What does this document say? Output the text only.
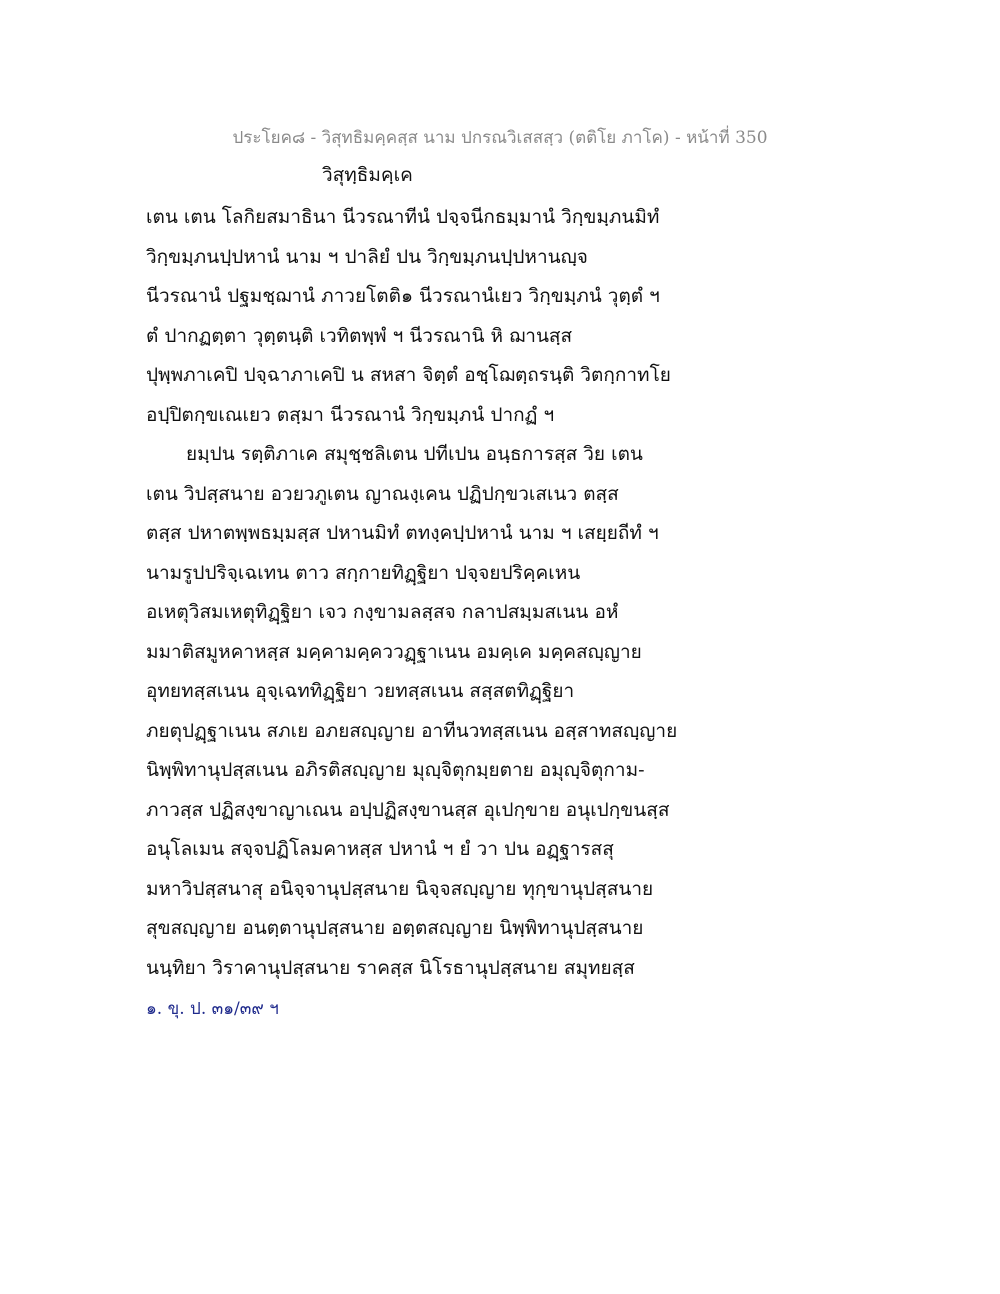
ประโยค๘ - วิสุทธิมคฺคสฺส นาม ปกรณวิเสสสฺว (ตติโย ภาโค) - หน้าที่ 350
วิสุทฺธิมคฺเค
เตน เตน โลกิยสมาธินา นีวรณาทีนํ ปจฺจนีกธมฺมานํ วิกฺขมฺภนมิทํ
วิกฺขมฺภนปฺปหานํ นาม ฯ ปาลิยํ ปน วิกฺขมฺภนปฺปหานญฺจ
นีวรณานํ ปฐมชฺฌานํ ภาวยโตติ๑ นีวรณานํเยว วิกฺขมฺภนํ วุตฺตํ ฯ
ตํ ปากฏตฺตา วุตฺตนฺติ เวทิตพฺพํ ฯ นีวรณานิ หิ ฌานสฺส
ปุพฺพภาเคปิ ปจฺฉาภาเคปิ น สหสา จิตฺตํ อชฺโฌตฺถรนฺติ วิตกฺกาทโย
อปฺปิตกฺขเณเยว ตสฺมา นีวรณานํ วิกฺขมฺภนํ ปากฏํ ฯ
ยมฺปน รตฺติภาเค สมุชฺชลิเตน ปทีเปน อนฺธการสฺส วิย เตน
เตน วิปสฺสนาย อวยวภูเตน ญาณงฺเคน ปฏิปกฺขวเสเนว ตสฺส
ตสฺส ปหาตพฺพธมฺมสฺส ปหานมิทํ ตทงฺคปฺปหานํ นาม ฯ เสยฺยถีทํ ฯ
นามรูปปริจฺเฉเทน ตาว สกฺกายทิฏฺฐิยา ปจฺจยปริคฺคเหน
อเหตุวิสมเหตุทิฏฺฐิยา เจว กงฺขามลสฺสจ กลาปสมฺมสเนน อหํ
มมาติสมูหคาหสฺส มคฺคามคฺคววฏฺฐาเนน อมคฺเค มคฺคสญฺญาย
อุทยทสฺสเนน อุจฺเฉททิฏฺฐิยา วยทสฺสเนน สสฺสตทิฏฺฐิยา
ภยตุปฏฺฐาเนน สภเย อภยสญฺญาย อาทีนวทสฺสเนน อสฺสาทสญฺญาย
นิพฺพิทานุปสฺสเนน อภิรติสญฺญาย มุญฺจิตุกมฺยตาย อมุญฺจิตุกาม-
ภาวสฺส ปฏิสงฺขาญาเณน อปฺปฏิสงฺขานสฺส อุเปกฺขาย อนุเปกฺขนสฺส
อนุโลเมน สจฺจปฏิโลมคาหสฺส ปหานํ ฯ ยํ วา ปน อฏฺฐารสสุ
มหาวิปสฺสนาสุ อนิจฺจานุปสฺสนาย นิจฺจสญฺญาย ทุกฺขานุปสฺสนาย
สุขสญฺญาย อนตฺตานุปสฺสนาย อตฺตสญฺญาย นิพฺพิทานุปสฺสนาย
นนฺทิยา วิราคานุปสฺสนาย ราคสฺส นิโรธานุปสฺสนาย สมุทยสฺส
๑. ขุ. ป. ๓๑/๓๙ ฯ
